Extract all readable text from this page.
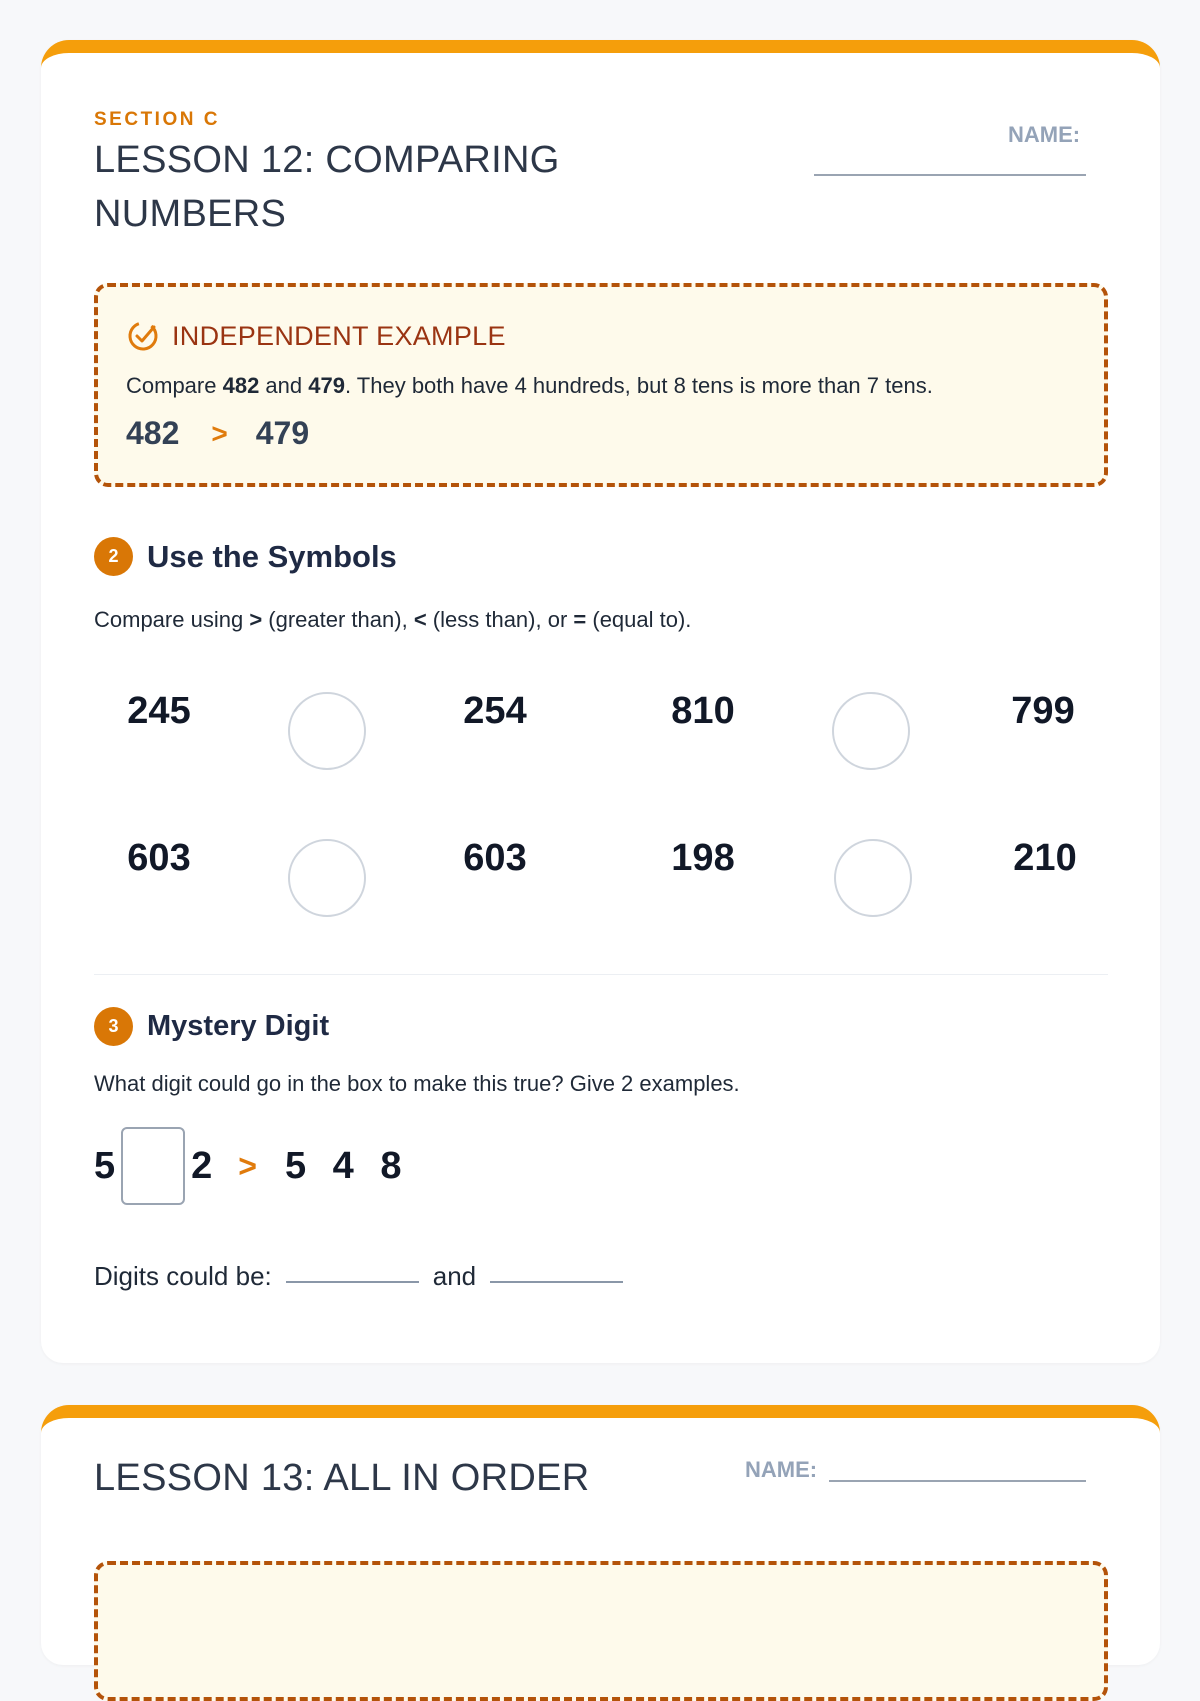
SECTION C
LESSON 12: COMPARING NUMBERS
NAME:
INDEPENDENT EXAMPLE
Compare 482 and 479. They both have 4 hundreds, but 8 tens is more than 7 tens.
482 > 479
2 Use the Symbols
Compare using > (greater than), < (less than), or = (equal to).
245	254	810	799
603	603	198	210
3 Mystery Digit
What digit could go in the box to make this true? Give 2 examples.
5 2 > 5 4 8
Digits could be:	and
LESSON 13: ALL IN ORDER	NAME:
